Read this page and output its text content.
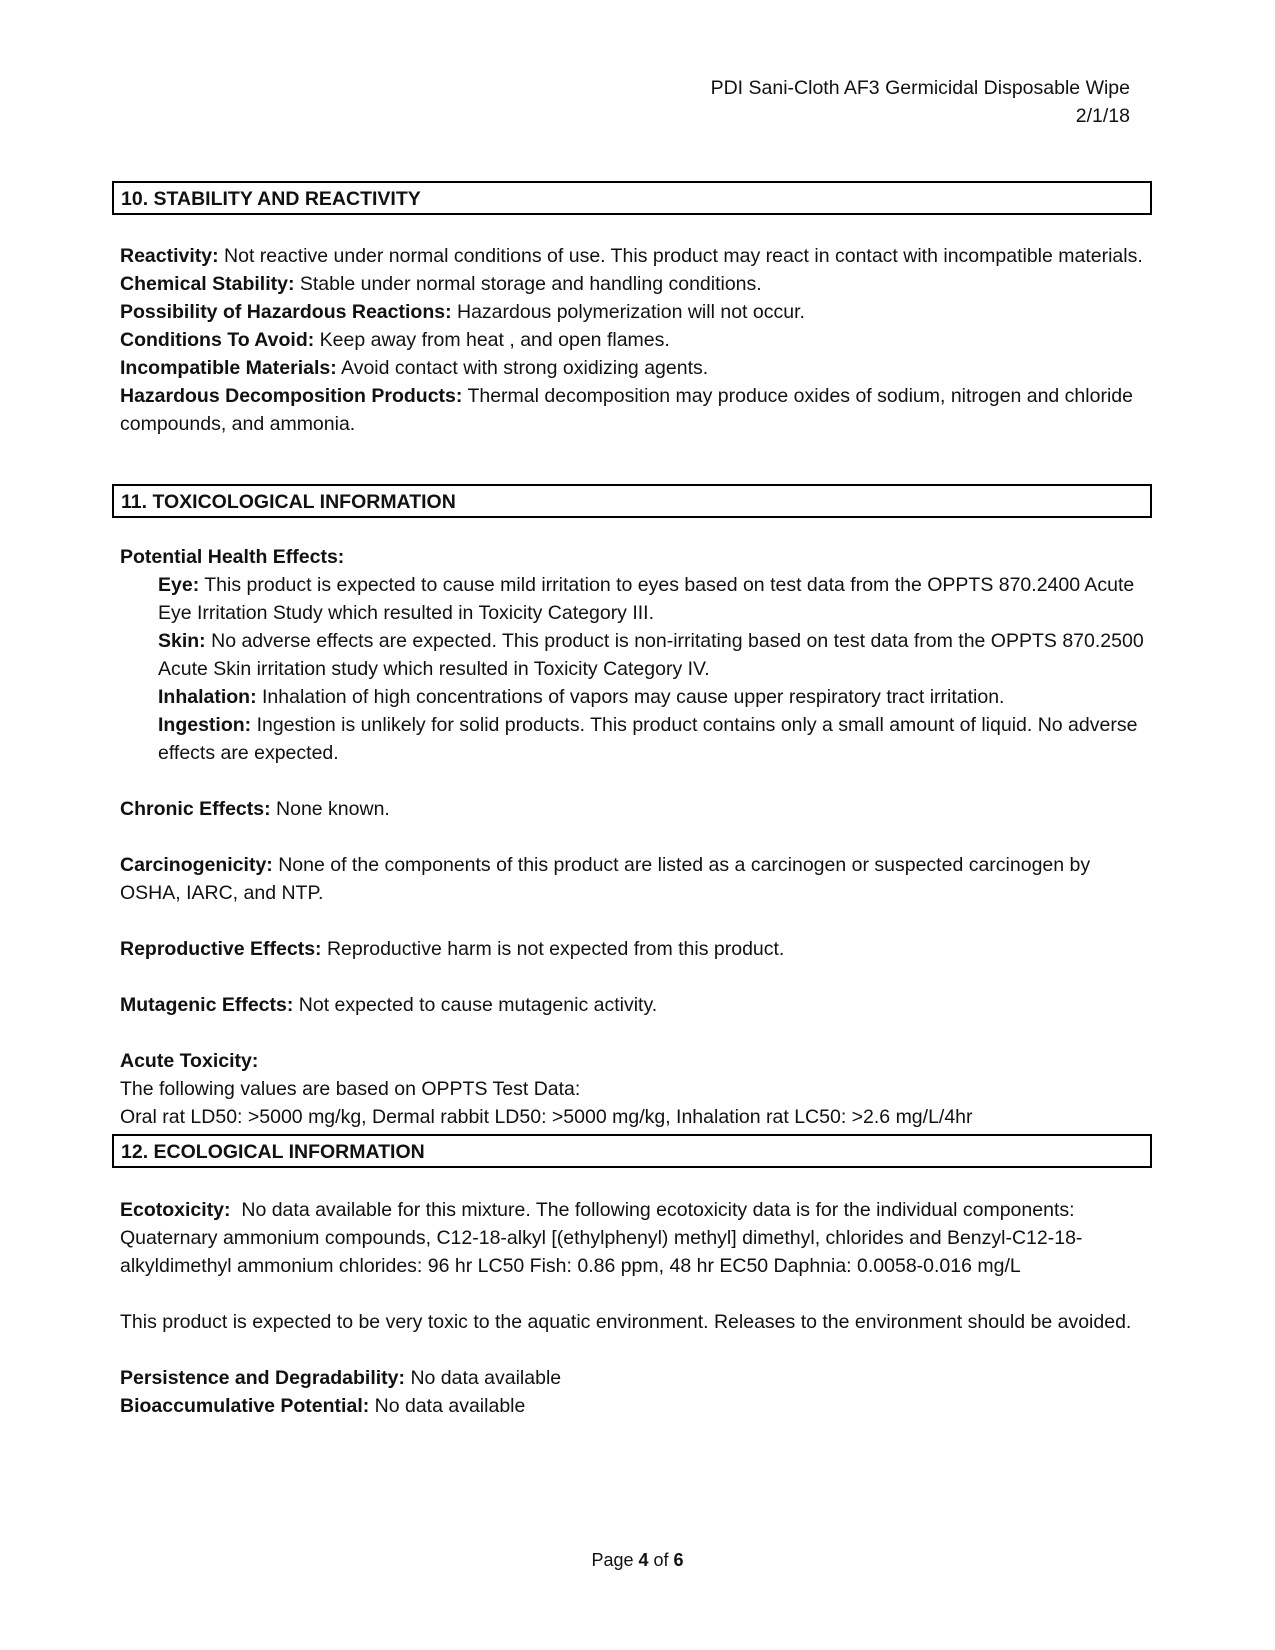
PDI Sani-Cloth AF3 Germicidal Disposable Wipe
2/1/18
10. STABILITY AND REACTIVITY
Reactivity: Not reactive under normal conditions of use. This product may react in contact with incompatible materials.
Chemical Stability: Stable under normal storage and handling conditions.
Possibility of Hazardous Reactions: Hazardous polymerization will not occur.
Conditions To Avoid: Keep away from heat , and open flames.
Incompatible Materials: Avoid contact with strong oxidizing agents.
Hazardous Decomposition Products: Thermal decomposition may produce oxides of sodium, nitrogen and chloride compounds, and ammonia.
11. TOXICOLOGICAL INFORMATION
Potential Health Effects:
Eye: This product is expected to cause mild irritation to eyes based on test data from the OPPTS 870.2400 Acute Eye Irritation Study which resulted in Toxicity Category III.
Skin: No adverse effects are expected. This product is non-irritating based on test data from the OPPTS 870.2500 Acute Skin irritation study which resulted in Toxicity Category IV.
Inhalation: Inhalation of high concentrations of vapors may cause upper respiratory tract irritation.
Ingestion: Ingestion is unlikely for solid products. This product contains only a small amount of liquid. No adverse effects are expected.
Chronic Effects: None known.
Carcinogenicity: None of the components of this product are listed as a carcinogen or suspected carcinogen by OSHA, IARC, and NTP.
Reproductive Effects: Reproductive harm is not expected from this product.
Mutagenic Effects: Not expected to cause mutagenic activity.
Acute Toxicity:
The following values are based on OPPTS Test Data:
Oral rat LD50: >5000 mg/kg, Dermal rabbit LD50: >5000 mg/kg, Inhalation rat LC50: >2.6 mg/L/4hr
12. ECOLOGICAL INFORMATION
Ecotoxicity:  No data available for this mixture. The following ecotoxicity data is for the individual components:
Quaternary ammonium compounds, C12-18-alkyl [(ethylphenyl) methyl] dimethyl, chlorides and Benzyl-C12-18-alkyldimethyl ammonium chlorides: 96 hr LC50 Fish: 0.86 ppm, 48 hr EC50 Daphnia: 0.0058-0.016 mg/L
This product is expected to be very toxic to the aquatic environment. Releases to the environment should be avoided.
Persistence and Degradability: No data available
Bioaccumulative Potential: No data available
Page 4 of 6
